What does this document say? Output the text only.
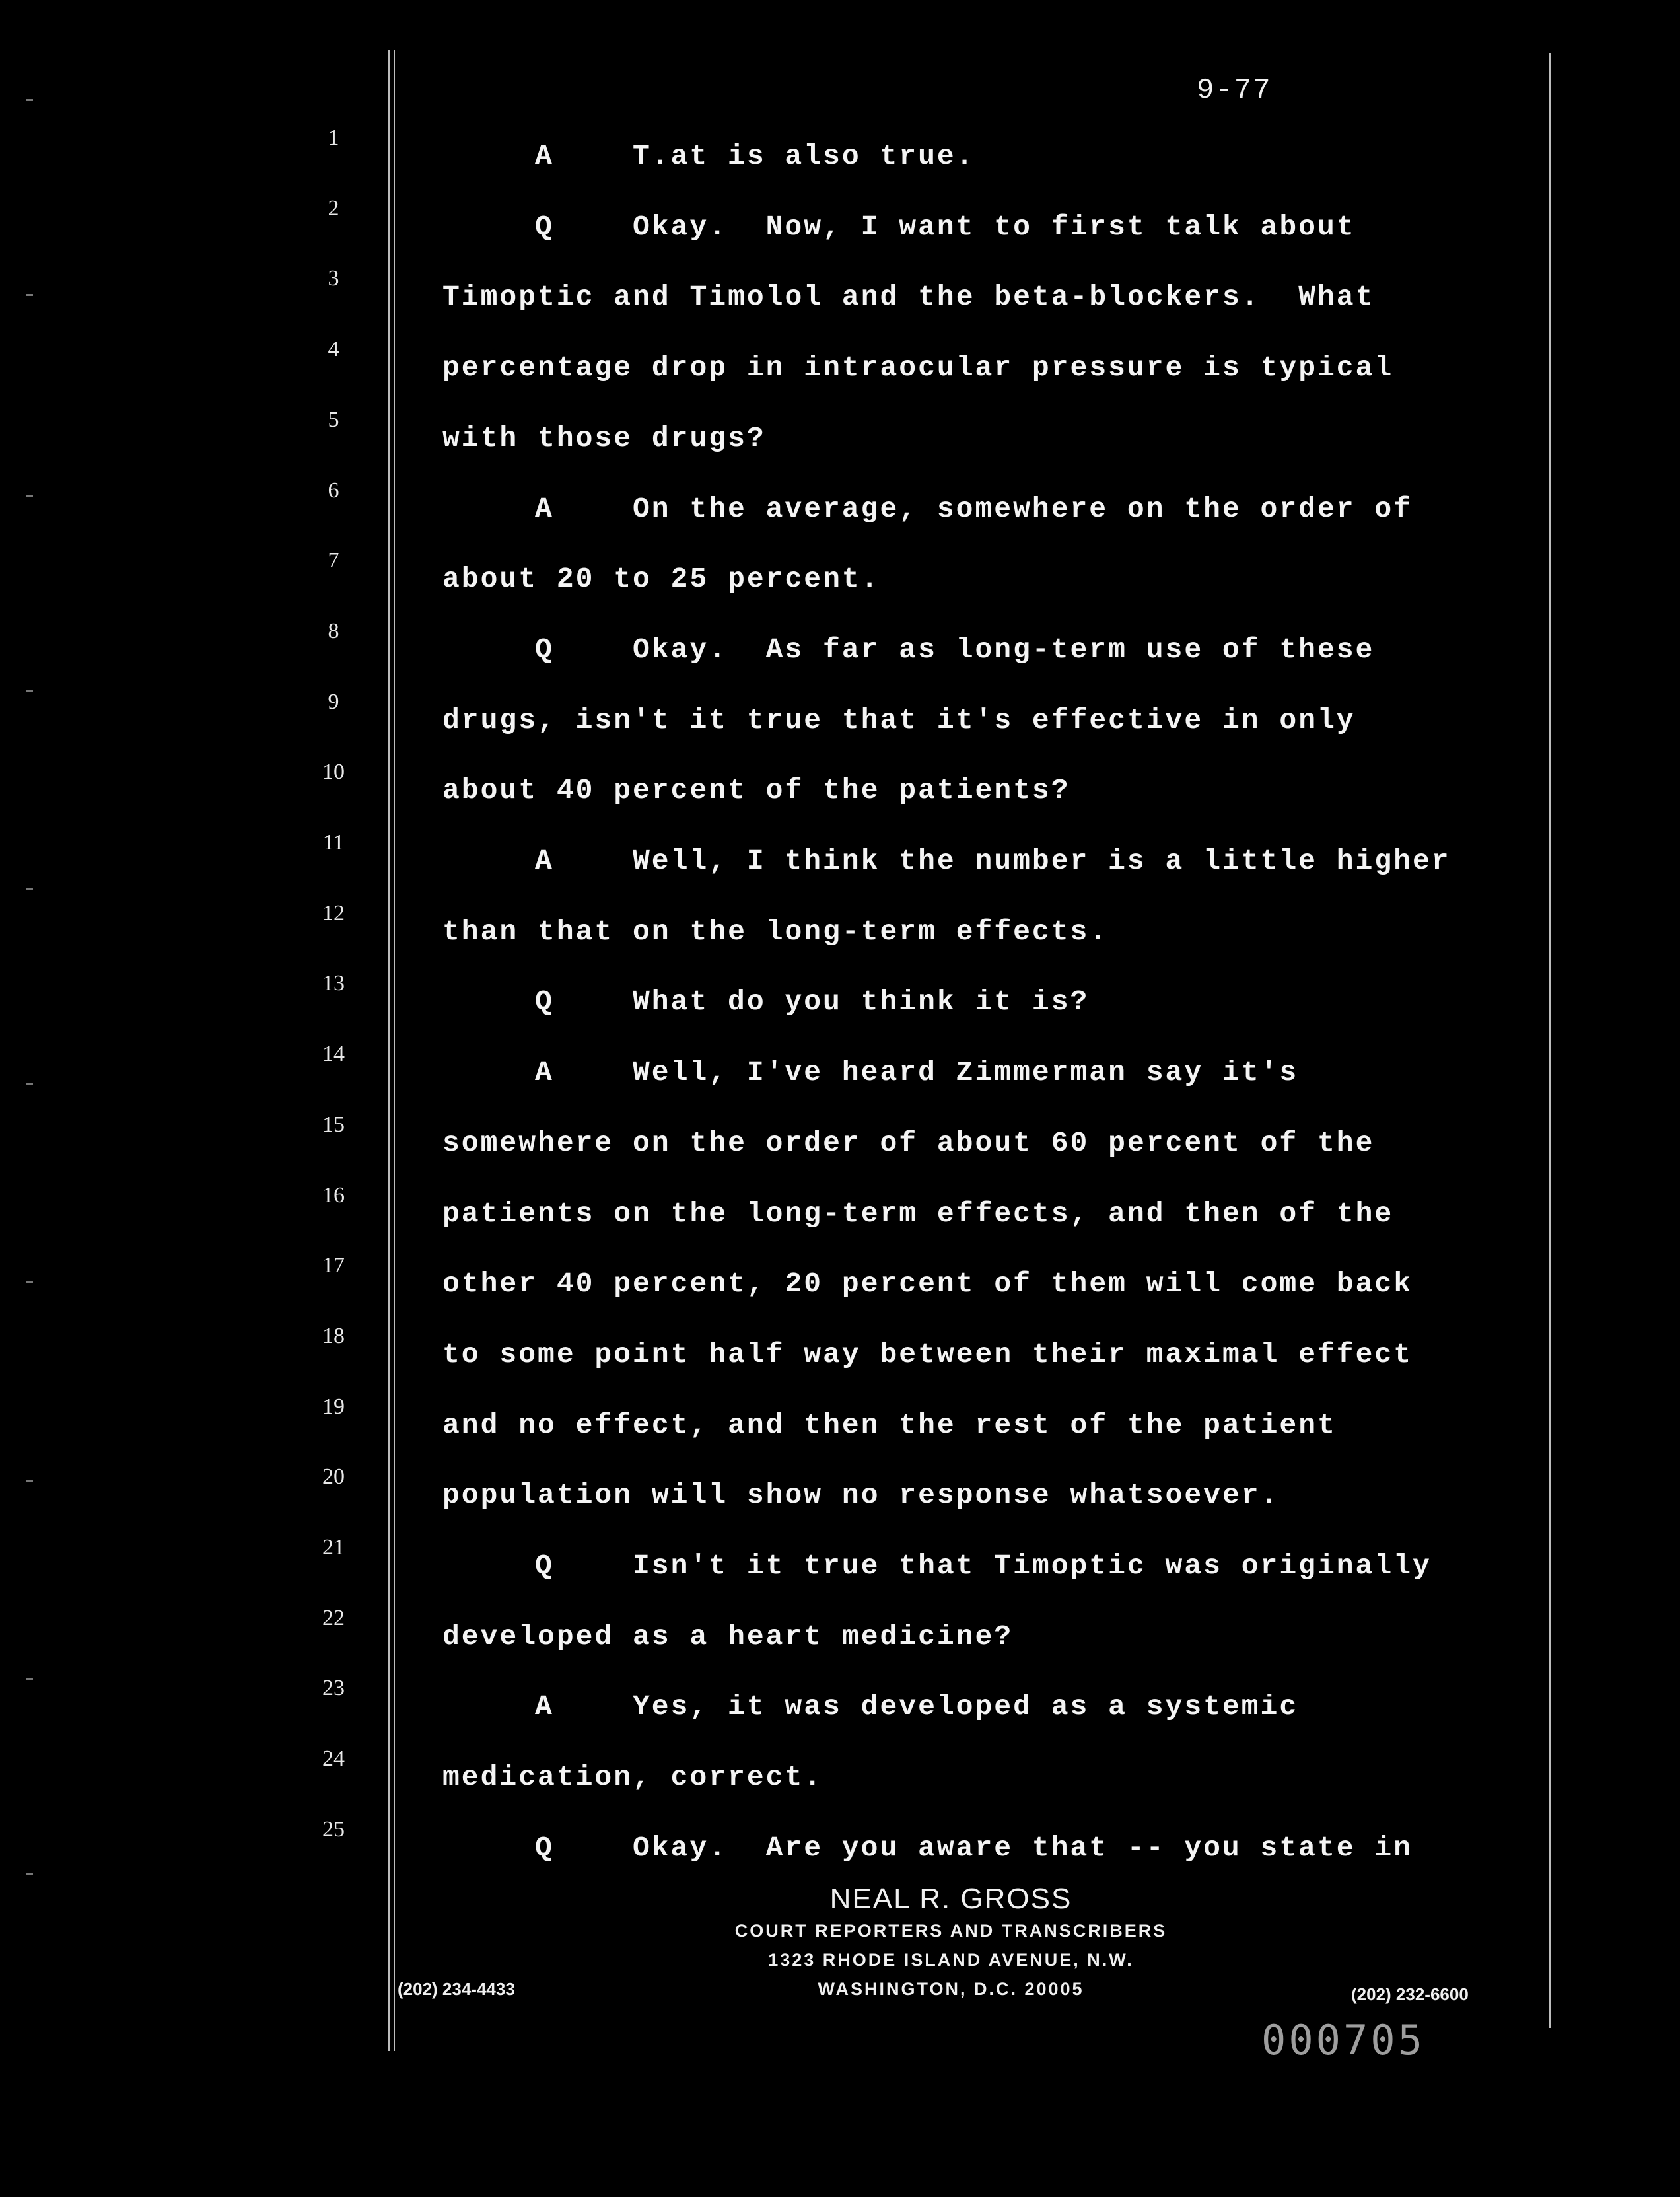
9-77
1
2
3
4
5
6
7
8
9
10
11
12
13
14
15
16
17
18
19
20
21
22
23
24
25
A	T.at is also true.
Q	Okay.  Now, I want to first talk about
Timoptic and Timolol and the beta-blockers.  What
percentage drop in intraocular pressure is typical
with those drugs?
A	On the average, somewhere on the order of
about 20 to 25 percent.
Q	Okay.  As far as long-term use of these
drugs, isn't it true that it's effective in only
about 40 percent of the patients?
A	Well, I think the number is a little higher
than that on the long-term effects.
Q	What do you think it is?
A	Well, I've heard Zimmerman say it's
somewhere on the order of about 60 percent of the
patients on the long-term effects, and then of the
other 40 percent, 20 percent of them will come back
to some point half way between their maximal effect
and no effect, and then the rest of the patient
population will show no response whatsoever.
Q	Isn't it true that Timoptic was originally
developed as a heart medicine?
A	Yes, it was developed as a systemic
medication, correct.
Q	Okay.  Are you aware that -- you state in
NEAL R. GROSS
COURT REPORTERS AND TRANSCRIBERS
1323 RHODE ISLAND AVENUE, N.W.
WASHINGTON, D.C. 20005
(202) 234-4433	(202) 232-6600
000705
